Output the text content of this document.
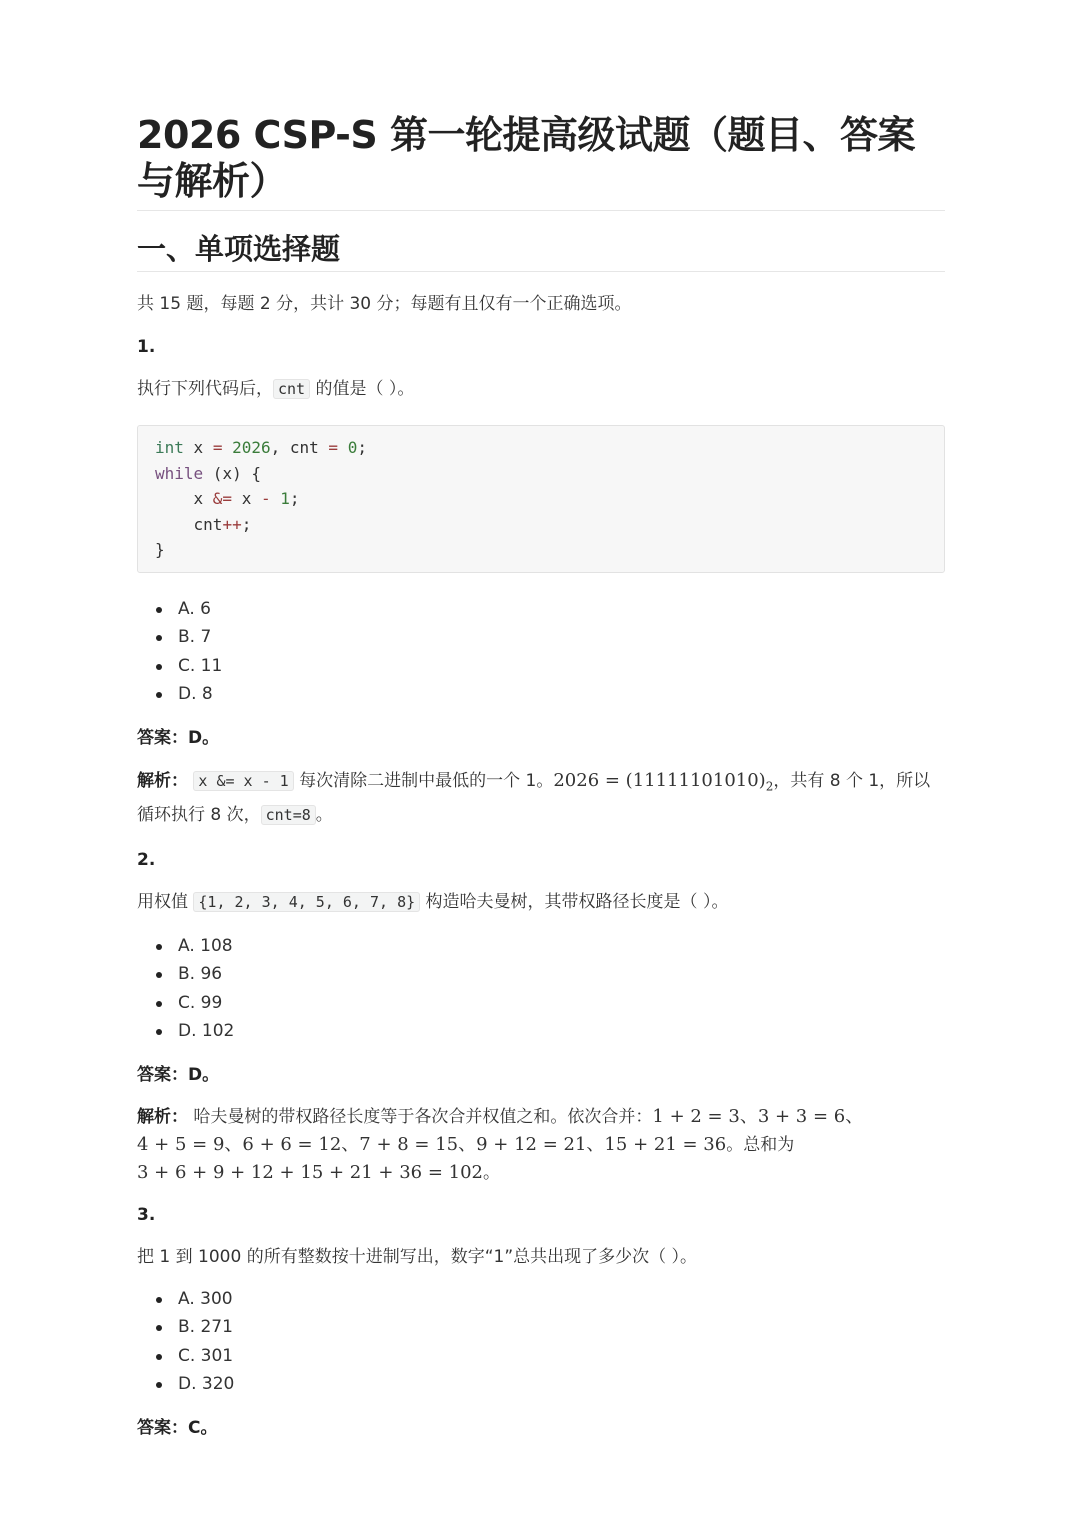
2026 CSP-S 第一轮提高级试题（题目、答案与解析）
一、单项选择题

共 15 题，每题 2 分，共计 30 分；每题有且仅有一个正确选项。

1.

执行下列代码后， cnt 的值是（ ）。

int x = 2026, cnt = 0;
while (x) {
x &= x - 1;
cnt++;
}
A. 6
B. 7
C. 11
D. 8

答案：D。

解析： x &= x - 1 每次清除二进制中最低的一个 1。$2026 = (11111101010)_2$，共有 8 个 1，所以循环执行 8 次， cnt=8 。

2.

用权值 {1, 2, 3, 4, 5, 6, 7, 8} 构造哈夫曼树，其带权路径长度是（ ）。

A. 108
B. 96
C. 99
D. 102

答案：D。

解析： 哈夫曼树的带权路径长度等于各次合并权值之和。依次合并：1 + 2 = 3、3 + 3 = 6、
4 + 5 = 9、6 + 6 = 12、7 + 8 = 15、9 + 12 = 21、15 + 21 = 36。总和为
3 + 6 + 9 + 12 + 15 + 21 + 36 = 102。

3.

把 1 到 1000 的所有整数按十进制写出，数字“1”总共出现了多少次（ ）。

A. 300
B. 271
C. 301
D. 320

答案：C。
